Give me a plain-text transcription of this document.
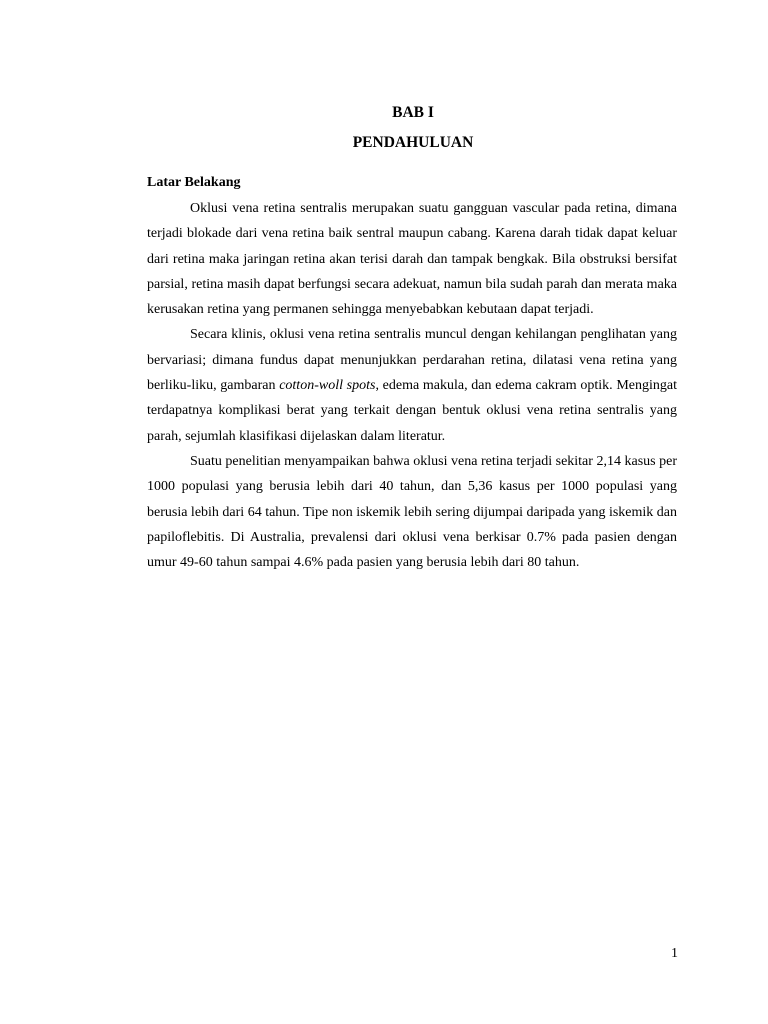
BAB I
PENDAHULUAN
Latar Belakang

Oklusi vena retina sentralis merupakan suatu gangguan vascular pada retina, dimana terjadi blokade dari vena retina baik sentral maupun cabang. Karena darah tidak dapat keluar dari retina maka jaringan retina akan terisi darah dan tampak bengkak. Bila obstruksi bersifat parsial, retina masih dapat berfungsi secara adekuat, namun bila sudah parah dan merata maka kerusakan retina yang permanen sehingga menyebabkan kebutaan dapat terjadi.

Secara klinis, oklusi vena retina sentralis muncul dengan kehilangan penglihatan yang bervariasi; dimana fundus dapat menunjukkan perdarahan retina, dilatasi vena retina yang berliku-liku, gambaran cotton-woll spots, edema makula, dan edema cakram optik. Mengingat terdapatnya komplikasi berat yang terkait dengan bentuk oklusi vena retina sentralis yang parah, sejumlah klasifikasi dijelaskan dalam literatur.

Suatu penelitian menyampaikan bahwa oklusi vena retina terjadi sekitar 2,14 kasus per 1000 populasi yang berusia lebih dari 40 tahun, dan 5,36 kasus per 1000 populasi yang berusia lebih dari 64 tahun. Tipe non iskemik lebih sering dijumpai daripada yang iskemik dan papiloflebitis. Di Australia, prevalensi dari oklusi vena berkisar 0.7% pada pasien dengan umur 49-60 tahun sampai 4.6% pada pasien yang berusia lebih dari 80 tahun.

1
